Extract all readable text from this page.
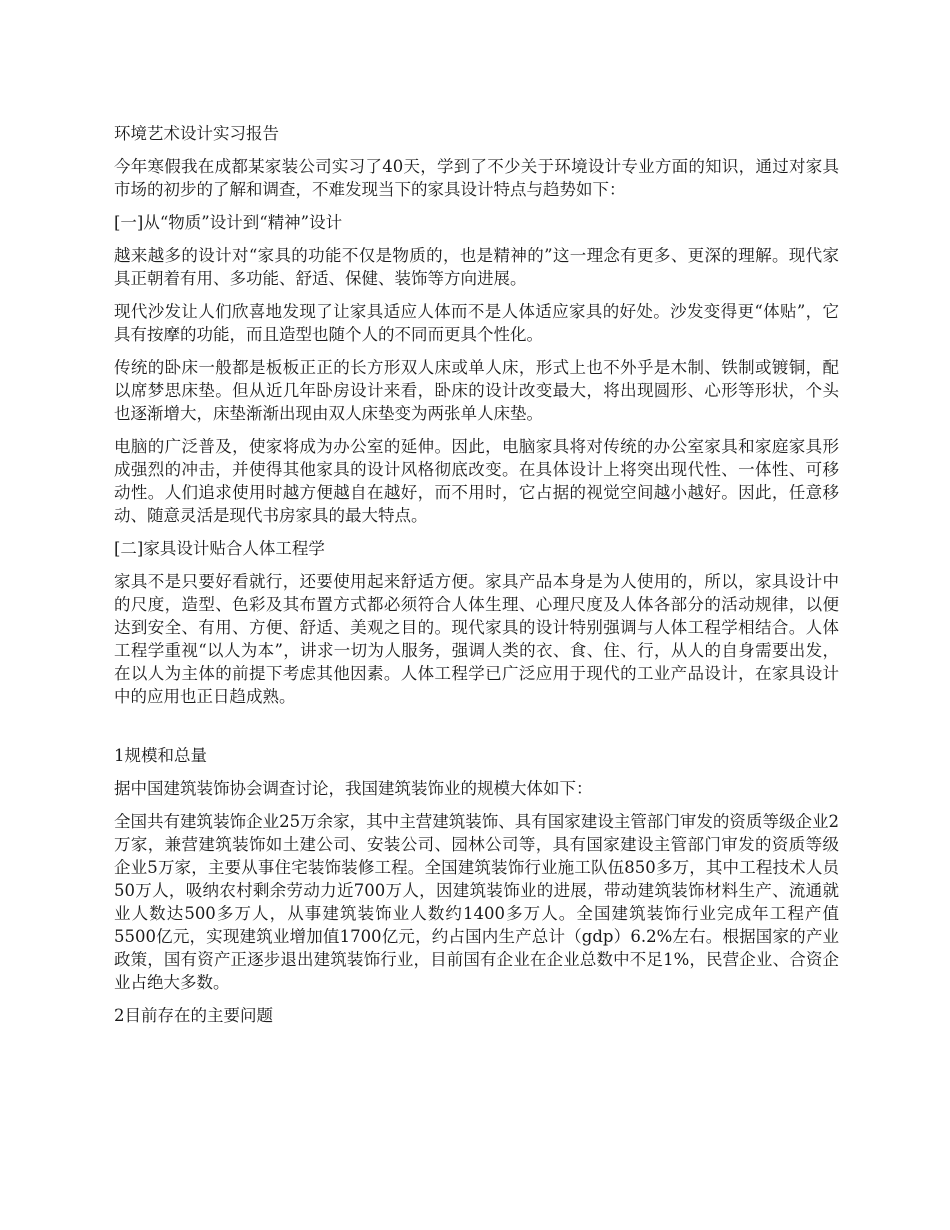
环境艺术设计实习报告

今年寒假我在成都某家装公司实习了40天，学到了不少关于环境设计专业方面的知识，通过对家具市场的初步的了解和调查，不难发现当下的家具设计特点与趋势如下：

[一]从“物质”设计到“精神”设计

越来越多的设计对“家具的功能不仅是物质的，也是精神的”这一理念有更多、更深的理解。现代家具正朝着有用、多功能、舒适、保健、装饰等方向进展。

现代沙发让人们欣喜地发现了让家具适应人体而不是人体适应家具的好处。沙发变得更“体贴”，它具有按摩的功能，而且造型也随个人的不同而更具个性化。

传统的卧床一般都是板板正正的长方形双人床或单人床，形式上也不外乎是木制、铁制或镀铜，配以席梦思床垫。但从近几年卧房设计来看，卧床的设计改变最大，将出现圆形、心形等形状，个头也逐渐增大，床垫渐渐出现由双人床垫变为两张单人床垫。

电脑的广泛普及，使家将成为办公室的延伸。因此，电脑家具将对传统的办公室家具和家庭家具形成强烈的冲击，并使得其他家具的设计风格彻底改变。在具体设计上将突出现代性、一体性、可移动性。人们追求使用时越方便越自在越好，而不用时，它占据的视觉空间越小越好。因此，任意移动、随意灵活是现代书房家具的最大特点。

[二]家具设计贴合人体工程学

家具不是只要好看就行，还要使用起来舒适方便。家具产品本身是为人使用的，所以，家具设计中的尺度，造型、色彩及其布置方式都必须符合人体生理、心理尺度及人体各部分的活动规律，以便达到安全、有用、方便、舒适、美观之目的。现代家具的设计特别强调与人体工程学相结合。人体工程学重视“以人为本”，讲求一切为人服务，强调人类的衣、食、住、行，从人的自身需要出发，在以人为主体的前提下考虑其他因素。人体工程学已广泛应用于现代的工业产品设计，在家具设计中的应用也正日趋成熟。

1规模和总量

据中国建筑装饰协会调查讨论，我国建筑装饰业的规模大体如下：

全国共有建筑装饰企业25万余家，其中主营建筑装饰、具有国家建设主管部门审发的资质等级企业2万家，兼营建筑装饰如土建公司、安装公司、园林公司等，具有国家建设主管部门审发的资质等级企业5万家，主要从事住宅装饰装修工程。全国建筑装饰行业施工队伍850多万，其中工程技术人员50万人，吸纳农村剩余劳动力近700万人，因建筑装饰业的进展，带动建筑装饰材料生产、流通就业人数达500多万人，从事建筑装饰业人数约1400多万人。全国建筑装饰行业完成年工程产值5500亿元，实现建筑业增加值1700亿元，约占国内生产总计（gdp）6.2%左右。根据国家的产业政策，国有资产正逐步退出建筑装饰行业，目前国有企业在企业总数中不足1%，民营企业、合资企业占绝大多数。

2目前存在的主要问题
